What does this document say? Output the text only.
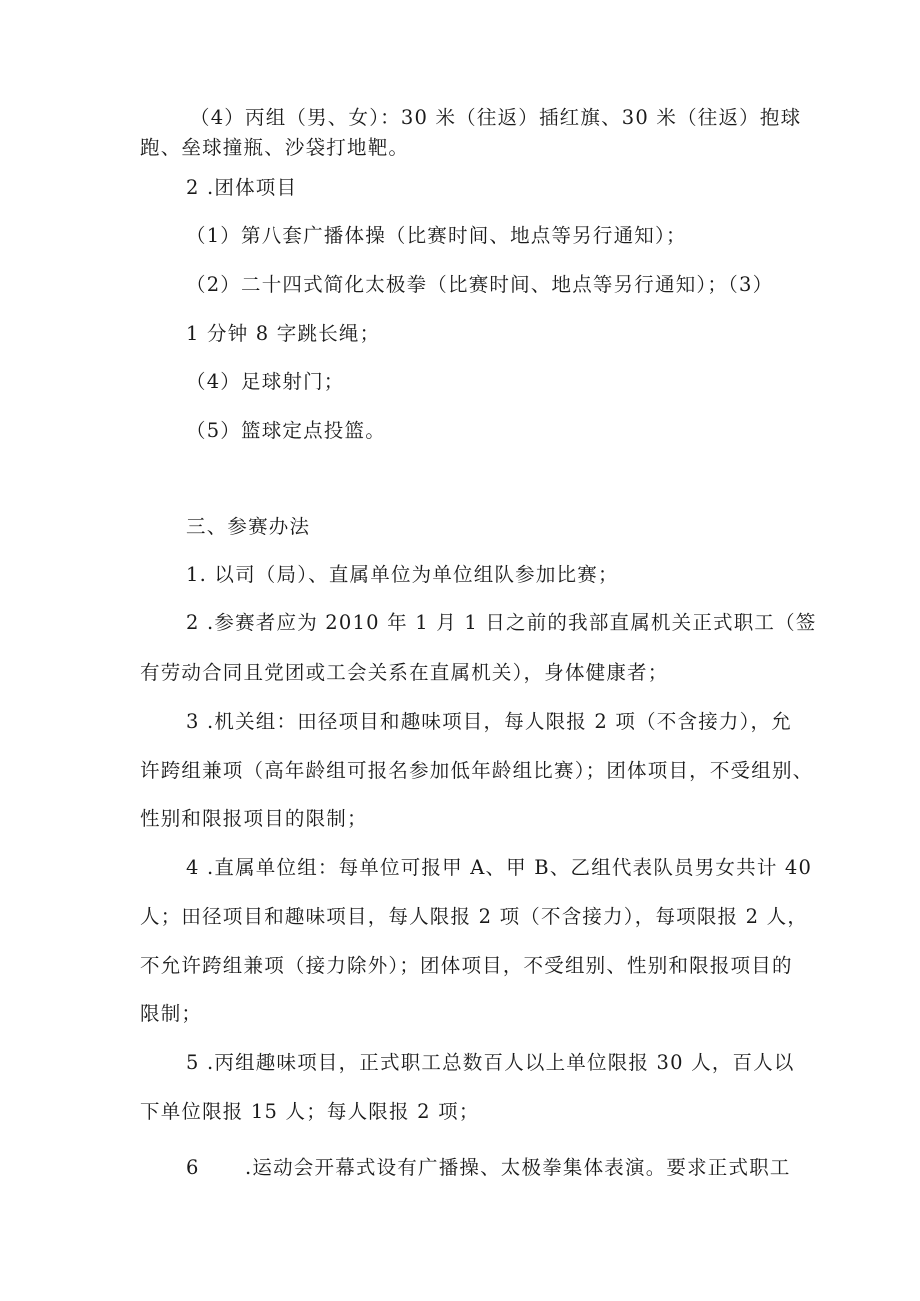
（4）丙组（男、女）：30 米（往返）插红旗、30 米（往返）抱球
跑、垒球撞瓶、沙袋打地靶。
2 .团体项目
（1）第八套广播体操（比赛时间、地点等另行通知）；
（2）二十四式简化太极拳（比赛时间、地点等另行通知）；（3）
1 分钟 8 字跳长绳；
（4）足球射门；
（5）篮球定点投篮。
三、参赛办法
1. 以司（局）、直属单位为单位组队参加比赛；
2 .参赛者应为 2010 年 1 月 1 日之前的我部直属机关正式职工（签
有劳动合同且党团或工会关系在直属机关），身体健康者；
3 .机关组：田径项目和趣味项目，每人限报 2 项（不含接力），允
许跨组兼项（高年龄组可报名参加低年龄组比赛）；团体项目，不受组别、
性别和限报项目的限制；
4 .直属单位组：每单位可报甲 A、甲 B、乙组代表队员男女共计 40
人；田径项目和趣味项目，每人限报 2 项（不含接力），每项限报 2 人，
不允许跨组兼项（接力除外）；团体项目，不受组别、性别和限报项目的
限制；
5 .丙组趣味项目，正式职工总数百人以上单位限报 30 人，百人以
下单位限报 15 人；每人限报 2 项；
6 .运动会开幕式设有广播操、太极拳集体表演。要求正式职工
